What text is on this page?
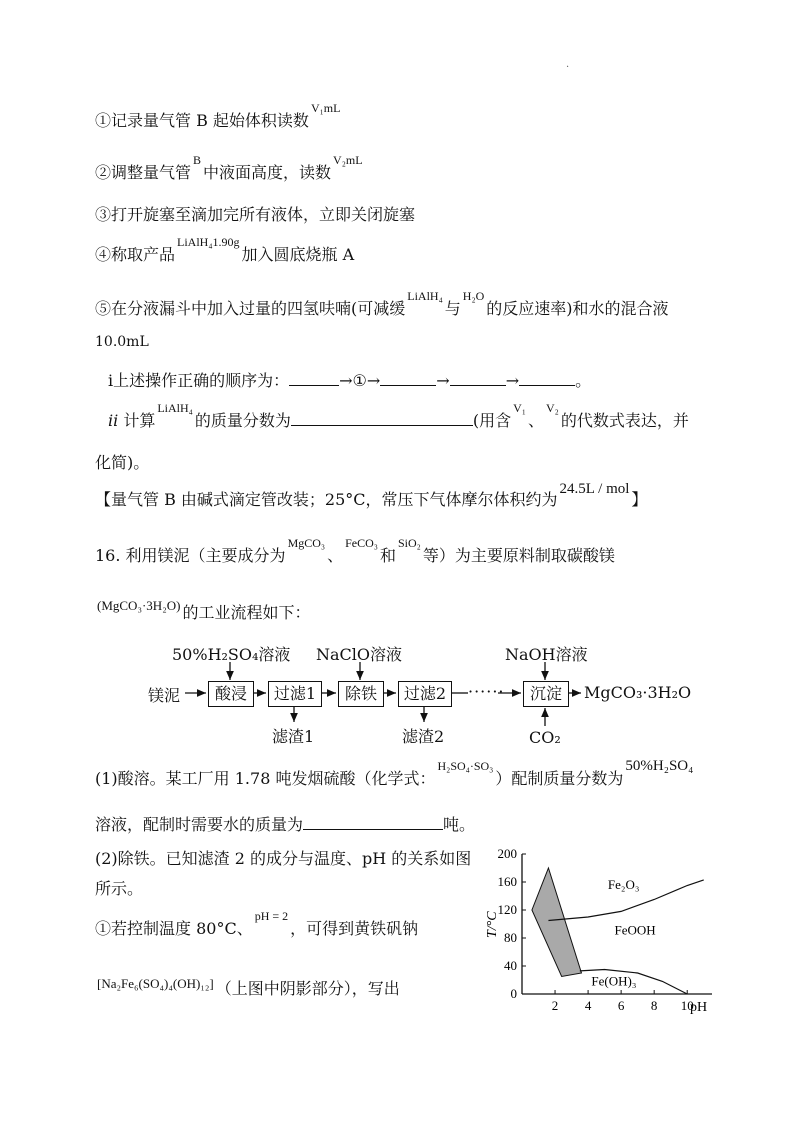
·
①记录量气管 B 起始体积读数$^{V_1mL}$
②调整量气管$^B$中液面高度，读数$^{V_2mL}$
③打开旋塞至滴加完所有液体，立即关闭旋塞
④称取产品$^{LiAlH_41.90g}$加入圆底烧瓶 A
⑤在分液漏斗中加入过量的四氢呋喃(可减缓$^{LiAlH_4}$与$^{H_2O}$的反应速率)和水的混合液
10.0mL
i上述操作正确的顺序为：	→①→	→	→	。
ii 计算$^{LiAlH_4}$的质量分数为	(用含$^{V_1}$、$^{V_2}$的代数式表达，并
化简)。
【量气管 B 由碱式滴定管改装；25°C，常压下气体摩尔体积约为24.5L / mol】
16. 利用镁泥（主要成分为$^{MgCO_3}$、$^{FeCO_3}$和$^{SiO_2}$等）为主要原料制取碳酸镁
$^{(MgCO_3\cdot 3H_2O)}$ 的工业流程如下：
镁泥
50%H₂SO₄溶液 NaClO溶液	NaOH溶液
酸浸	过滤1	除铁	过滤2	······	沉淀	MgCO₃·3H₂O
滤渣1	滤渣2	CO₂
(1)酸溶。某工厂用 1.78 吨发烟硫酸（化学式：$^{H_2SO_4\cdot SO_3}$）配制质量分数为50%H₂SO₄
溶液，配制时需要水的质量为	吨。
(2)除铁。已知滤渣 2 的成分与温度、pH 的关系如图
所示。
①若控制温度 80°C、$^{pH = 2}$，可得到黄铁矾钠
[Na₂Fe₆(SO₄)₄(OH)₁₂] （上图中阴影部分），写出	0
40
80
120
160
200
2 4 6 8 10
T/°C
pH
Fe₂O₃
FeOOH
Fe(OH)₃
